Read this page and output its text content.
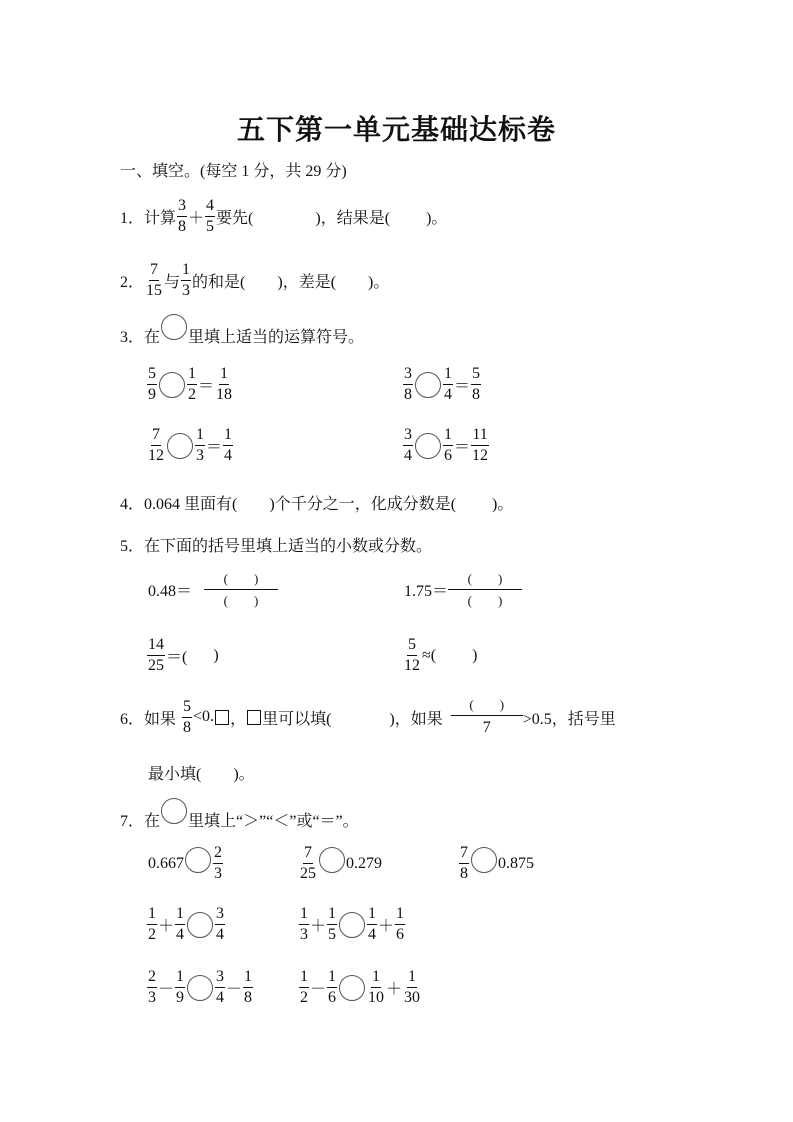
五下第一单元基础达标卷
一、填空。(每空 1 分，共 29 分)
1． 计算 $\frac{3}{8} + \frac{4}{5}$ 要先(	)，结果是( )。
2． $\frac{7}{15}$ 与 $\frac{1}{3}$ 的和是( )，差是( )。
3． 在 里填上适当的运算符号。
$\frac{5}{9} \frac{1}{2} = \frac{1}{18}$	$\frac{3}{8} \frac{1}{4} = \frac{5}{8}$
$\frac{7}{12} \frac{1}{3} = \frac{1}{4}$	$\frac{3}{4} \frac{1}{6} = \frac{11}{12}$
4． 0.064 里面有( )个千分之一，化成分数是( )。
5． 在下面的括号里填上适当的小数或分数。
$0.48= \frac{( )}{( )}$	$1.75= \frac{( )}{( )}$
$\frac{14}{25}$ ＝( )	$\frac{5}{12}$ ≈( )
6． 如果 $\frac{5}{8} <0$. ， 里可以填(	)，如果 $\frac{( )}{7} >0.5$，括号里
最小填( )。
7． 在 里填上“＞”“＜”或“＝”。
$0.667 \frac{2}{3}$	$\frac{7}{25} 0.279$	$\frac{7}{8} 0.875$
$\frac{1}{2} + \frac{1}{4} \frac{3}{4}$	$\frac{1}{3} + \frac{1}{5} \frac{1}{4} + \frac{1}{6}$
$\frac{2}{3} - \frac{1}{9} \frac{3}{4} - \frac{1}{8}$	$\frac{1}{2} - \frac{1}{6} \frac{1}{10} + \frac{1}{30}$
